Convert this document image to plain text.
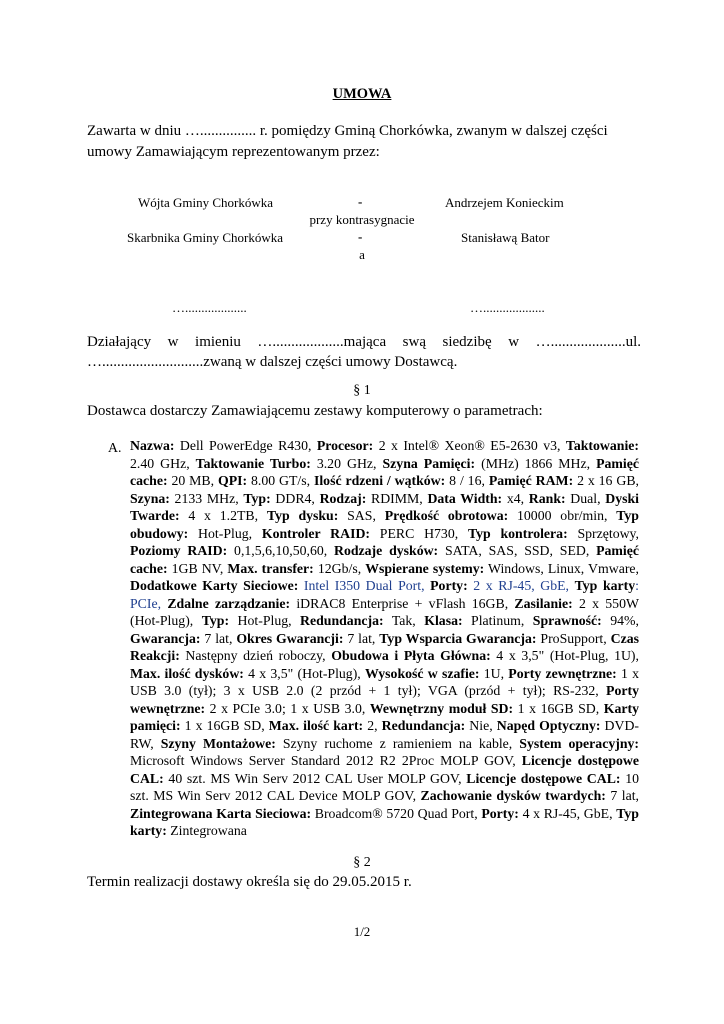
UMOWA
Zawarta w dniu …............... r. pomiędzy Gminą Chorkówka, zwanym w dalszej części umowy Zamawiającym reprezentowanym przez:
Wójta Gminy Chorkówka	-	Andrzejem Konieckim
przy kontrasygnacie
Skarbnika Gminy Chorkówka	-	Stanisławą Bator
a
…...................	…...................
Działający w imieniu …...................mająca swą siedzibę w …....................ul.
…...........................zwaną w dalszej części umowy Dostawcą.
§ 1
Dostawca dostarczy Zamawiającemu zestawy komputerowy o parametrach:
A. Nazwa: Dell PowerEdge R430, Procesor: 2 x Intel® Xeon® E5-2630 v3, Taktowanie: 2.40 GHz, Taktowanie Turbo: 3.20 GHz, Szyna Pamięci: (MHz) 1866 MHz, Pamięć cache: 20 MB, QPI: 8.00 GT/s, Ilość rdzeni / wątków: 8 / 16, Pamięć RAM: 2 x 16 GB, Szyna: 2133 MHz, Typ: DDR4, Rodzaj: RDIMM, Data Width: x4, Rank: Dual, Dyski Twarde: 4 x 1.2TB, Typ dysku: SAS, Prędkość obrotowa: 10000 obr/min, Typ obudowy: Hot-Plug, Kontroler RAID: PERC H730, Typ kontrolera: Sprzętowy, Poziomy RAID: 0,1,5,6,10,50,60, Rodzaje dysków: SATA, SAS, SSD, SED, Pamięć cache: 1GB NV, Max. transfer: 12Gb/s, Wspierane systemy: Windows, Linux, Vmware, Dodatkowe Karty Sieciowe: Intel I350 Dual Port, Porty: 2 x RJ-45, GbE, Typ karty: PCIe, Zdalne zarządzanie: iDRAC8 Enterprise + vFlash 16GB, Zasilanie: 2 x 550W (Hot-Plug), Typ: Hot-Plug, Redundancja: Tak, Klasa: Platinum, Sprawność: 94%, Gwarancja: 7 lat, Okres Gwarancji: 7 lat, Typ Wsparcia Gwarancja: ProSupport, Czas Reakcji: Następny dzień roboczy, Obudowa i Płyta Główna: 4 x 3,5" (Hot-Plug, 1U), Max. ilość dysków: 4 x 3,5" (Hot-Plug), Wysokość w szafie: 1U, Porty zewnętrzne: 1 x USB 3.0 (tył); 3 x USB 2.0 (2 przód + 1 tył); VGA (przód + tył); RS-232, Porty wewnętrzne: 2 x PCIe 3.0; 1 x USB 3.0, Wewnętrzny moduł SD: 1 x 16GB SD, Karty pamięci: 1 x 16GB SD, Max. ilość kart: 2, Redundancja: Nie, Napęd Optyczny: DVD-RW, Szyny Montażowe: Szyny ruchome z ramieniem na kable, System operacyjny: Microsoft Windows Server Standard 2012 R2 2Proc MOLP GOV, Licencje dostępowe CAL: 40 szt. MS Win Serv 2012 CAL User MOLP GOV, Licencje dostępowe CAL: 10 szt. MS Win Serv 2012 CAL Device MOLP GOV, Zachowanie dysków twardych: 7 lat, Zintegrowana Karta Sieciowa: Broadcom® 5720 Quad Port, Porty: 4 x RJ-45, GbE, Typ karty: Zintegrowana
§ 2
Termin realizacji dostawy określa się do 29.05.2015 r.
1/2
